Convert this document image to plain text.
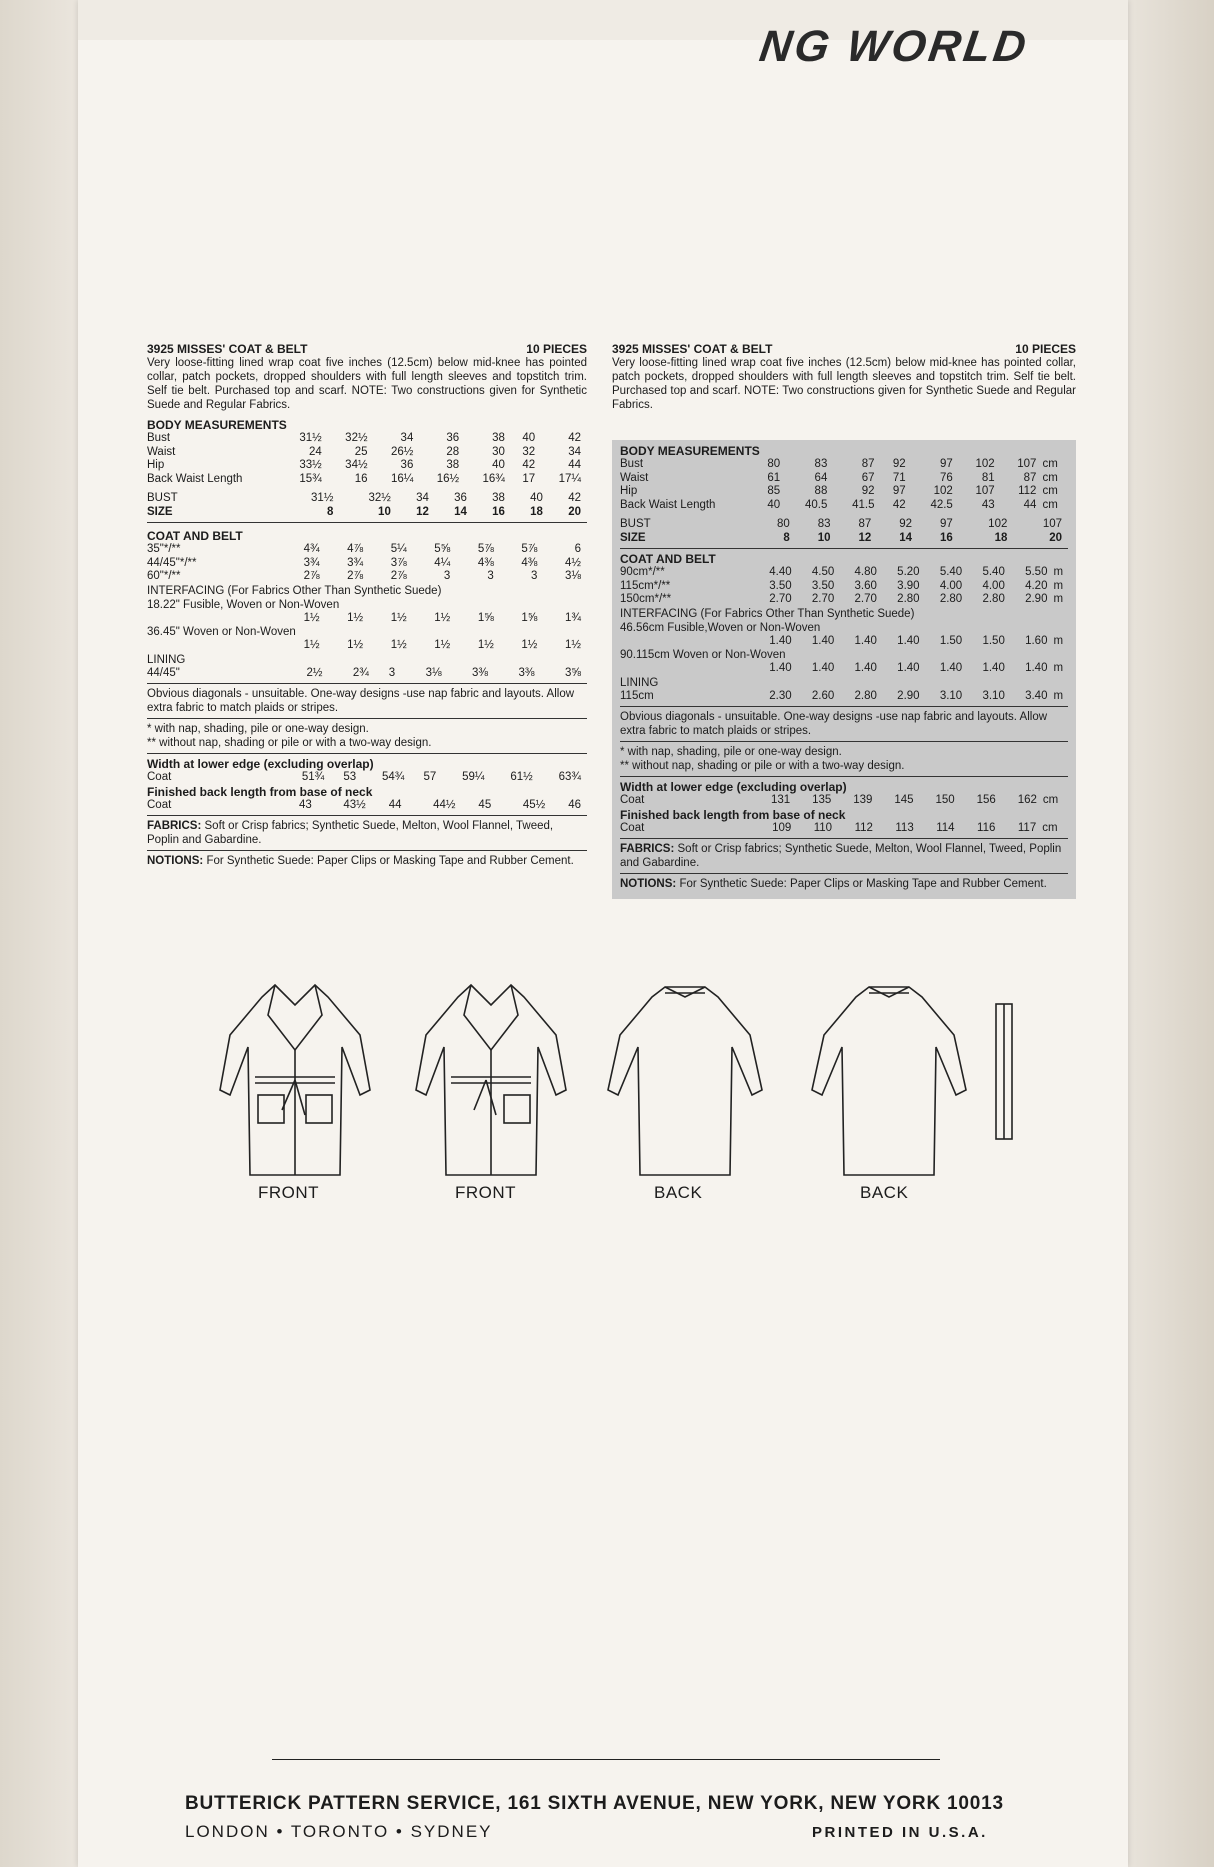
NG WORLD
3925 MISSES' COAT & BELT	10 PIECES

Very loose-fitting lined wrap coat five inches (12.5cm) below mid-knee has pointed collar, patch pockets, dropped shoulders with full length sleeves and topstitch trim. Self tie belt. Purchased top and scarf. NOTE: Two constructions given for Synthetic Suede and Regular Fabrics.

BODY MEASUREMENTS
Bust	31½	32½	34	36	38	40	42
Waist	24	25	26½	28	30	32	34
Hip	33½	34½	36	38	40	42	44
Back Waist Length	15¾	16	16¼	16½	16¾	17	17¼
BUST	31½	32½	34	36	38	40	42
SIZE	8	10	12	14	16	18	20
COAT AND BELT
35"*/**	4¾	4⅞	5¼	5⅝	5⅞	5⅞	6
44/45"*/**	3¾	3¾	3⅞	4¼	4⅜	4⅜	4½
60"*/**	2⅞	2⅞	2⅞	3	3	3	3⅛
INTERFACING (For Fabrics Other Than Synthetic Suede)
18.22" Fusible, Woven or Non-Woven
	1½	1½	1½	1½	1⅝	1⅝	1¾
36.45" Woven or Non-Woven
	1½	1½	1½	1½	1½	1½	1½
LINING
44/45"	2½	2¾	3	3⅛	3⅜	3⅜	3⅝
Obvious diagonals - unsuitable. One-way designs -use nap fabric and layouts. Allow extra fabric to match plaids or stripes.
* with nap, shading, pile or one-way design.
** without nap, shading or pile or with a two-way design.
Width at lower edge (excluding overlap)
Coat	51¾	53	54¾	57	59¼	61½	63¾
Finished back length from base of neck
Coat	43	43½	44	44½	45	45½	46
FABRICS: Soft or Crisp fabrics; Synthetic Suede, Melton, Wool Flannel, Tweed, Poplin and Gabardine.
NOTIONS: For Synthetic Suede: Paper Clips or Masking Tape and Rubber Cement.
3925 MISSES' COAT & BELT	10 PIECES

Very loose-fitting lined wrap coat five inches (12.5cm) below mid-knee has pointed collar, patch pockets, dropped shoulders with full length sleeves and topstitch trim. Self tie belt. Purchased top and scarf. NOTE: Two constructions given for Synthetic Suede and Regular Fabrics.

BODY MEASUREMENTS
Bust	80	83	87	92	97	102	107	cm
Waist	61	64	67	71	76	81	87	cm
Hip	85	88	92	97	102	107	112	cm
Back Waist Length	40	40.5	41.5	42	42.5	43	44	cm
BUST	80	83	87	92	97	102	107
SIZE	8	10	12	14	16	18	20
COAT AND BELT
90cm*/**	4.40	4.50	4.80	5.20	5.40	5.40	5.50	m
115cm*/**	3.50	3.50	3.60	3.90	4.00	4.00	4.20	m
150cm*/**	2.70	2.70	2.70	2.80	2.80	2.80	2.90	m
INTERFACING (For Fabrics Other Than Synthetic Suede)
46.56cm Fusible,Woven or Non-Woven
	1.40	1.40	1.40	1.40	1.50	1.50	1.60	m
90.115cm Woven or Non-Woven
	1.40	1.40	1.40	1.40	1.40	1.40	1.40	m
LINING
115cm	2.30	2.60	2.80	2.90	3.10	3.10	3.40	m
Obvious diagonals - unsuitable. One-way designs -use nap fabric and layouts. Allow extra fabric to match plaids or stripes.
* with nap, shading, pile or one-way design.
** without nap, shading or pile or with a two-way design.
Width at lower edge (excluding overlap)
Coat	131	135	139	145	150	156	162	cm
Finished back length from base of neck
Coat	109	110	112	113	114	116	117	cm
FABRICS: Soft or Crisp fabrics; Synthetic Suede, Melton, Wool Flannel, Tweed, Poplin and Gabardine.
NOTIONS: For Synthetic Suede: Paper Clips or Masking Tape and Rubber Cement.
FRONT	FRONT	BACK	BACK
BUTTERICK PATTERN SERVICE, 161 SIXTH AVENUE, NEW YORK, NEW YORK 10013
LONDON • TORONTO • SYDNEY	PRINTED IN U.S.A.
